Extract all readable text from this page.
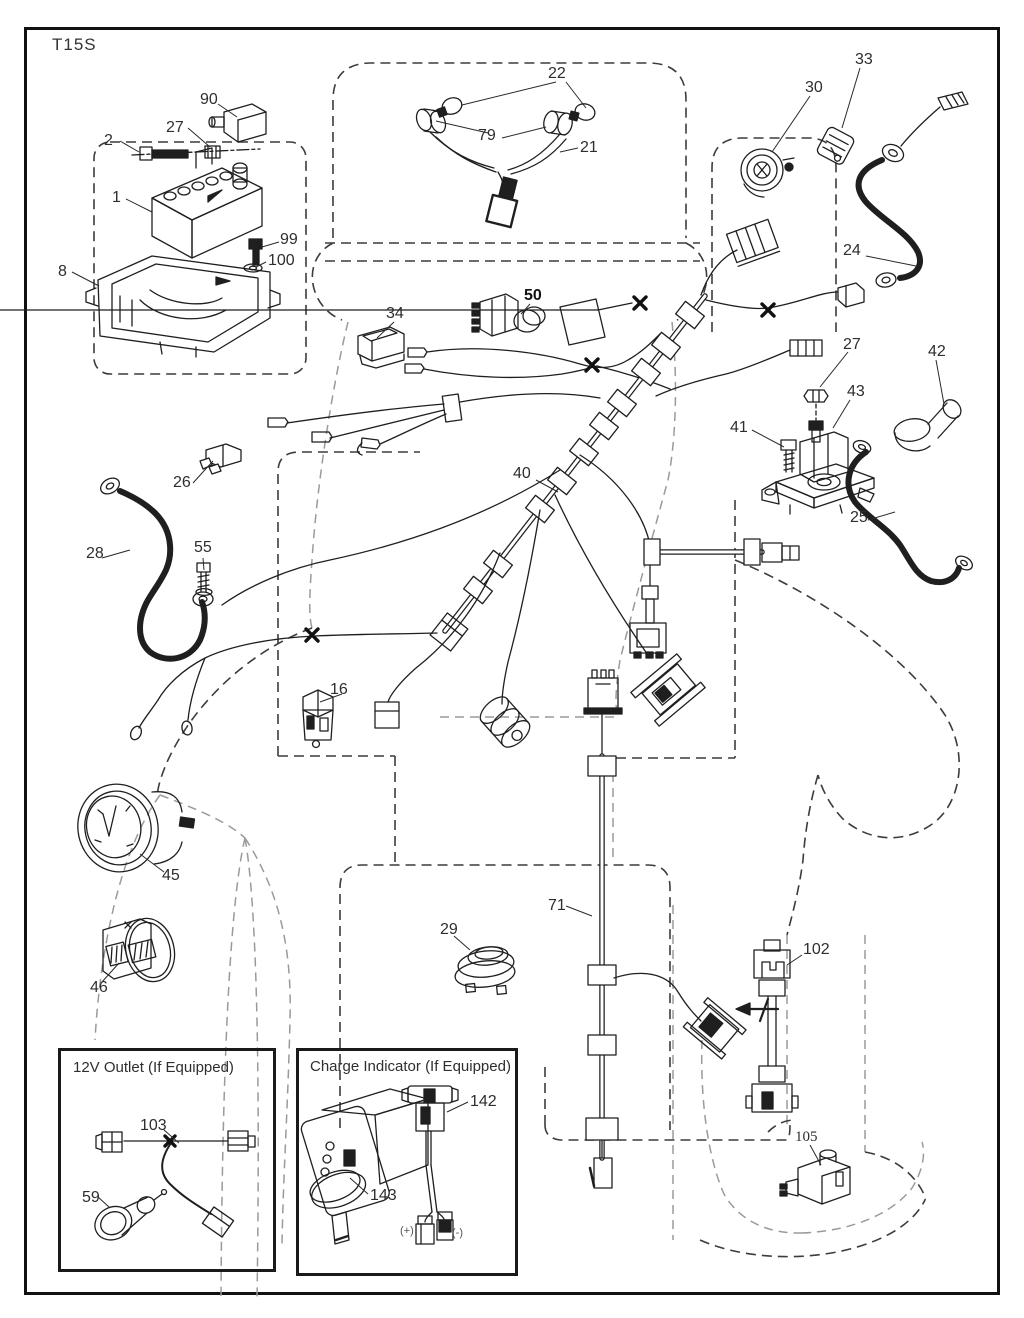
12V Outlet (If Equipped)	Charge Indicator (If Equipped)
T15S
1
2
8
16
21
22
24
25
26
27
27
28
29
30
33
34
40
41
42
43
45
46
50
55
59
71
79
90
99
100
102
103
105
142
143
(+)	(-)
